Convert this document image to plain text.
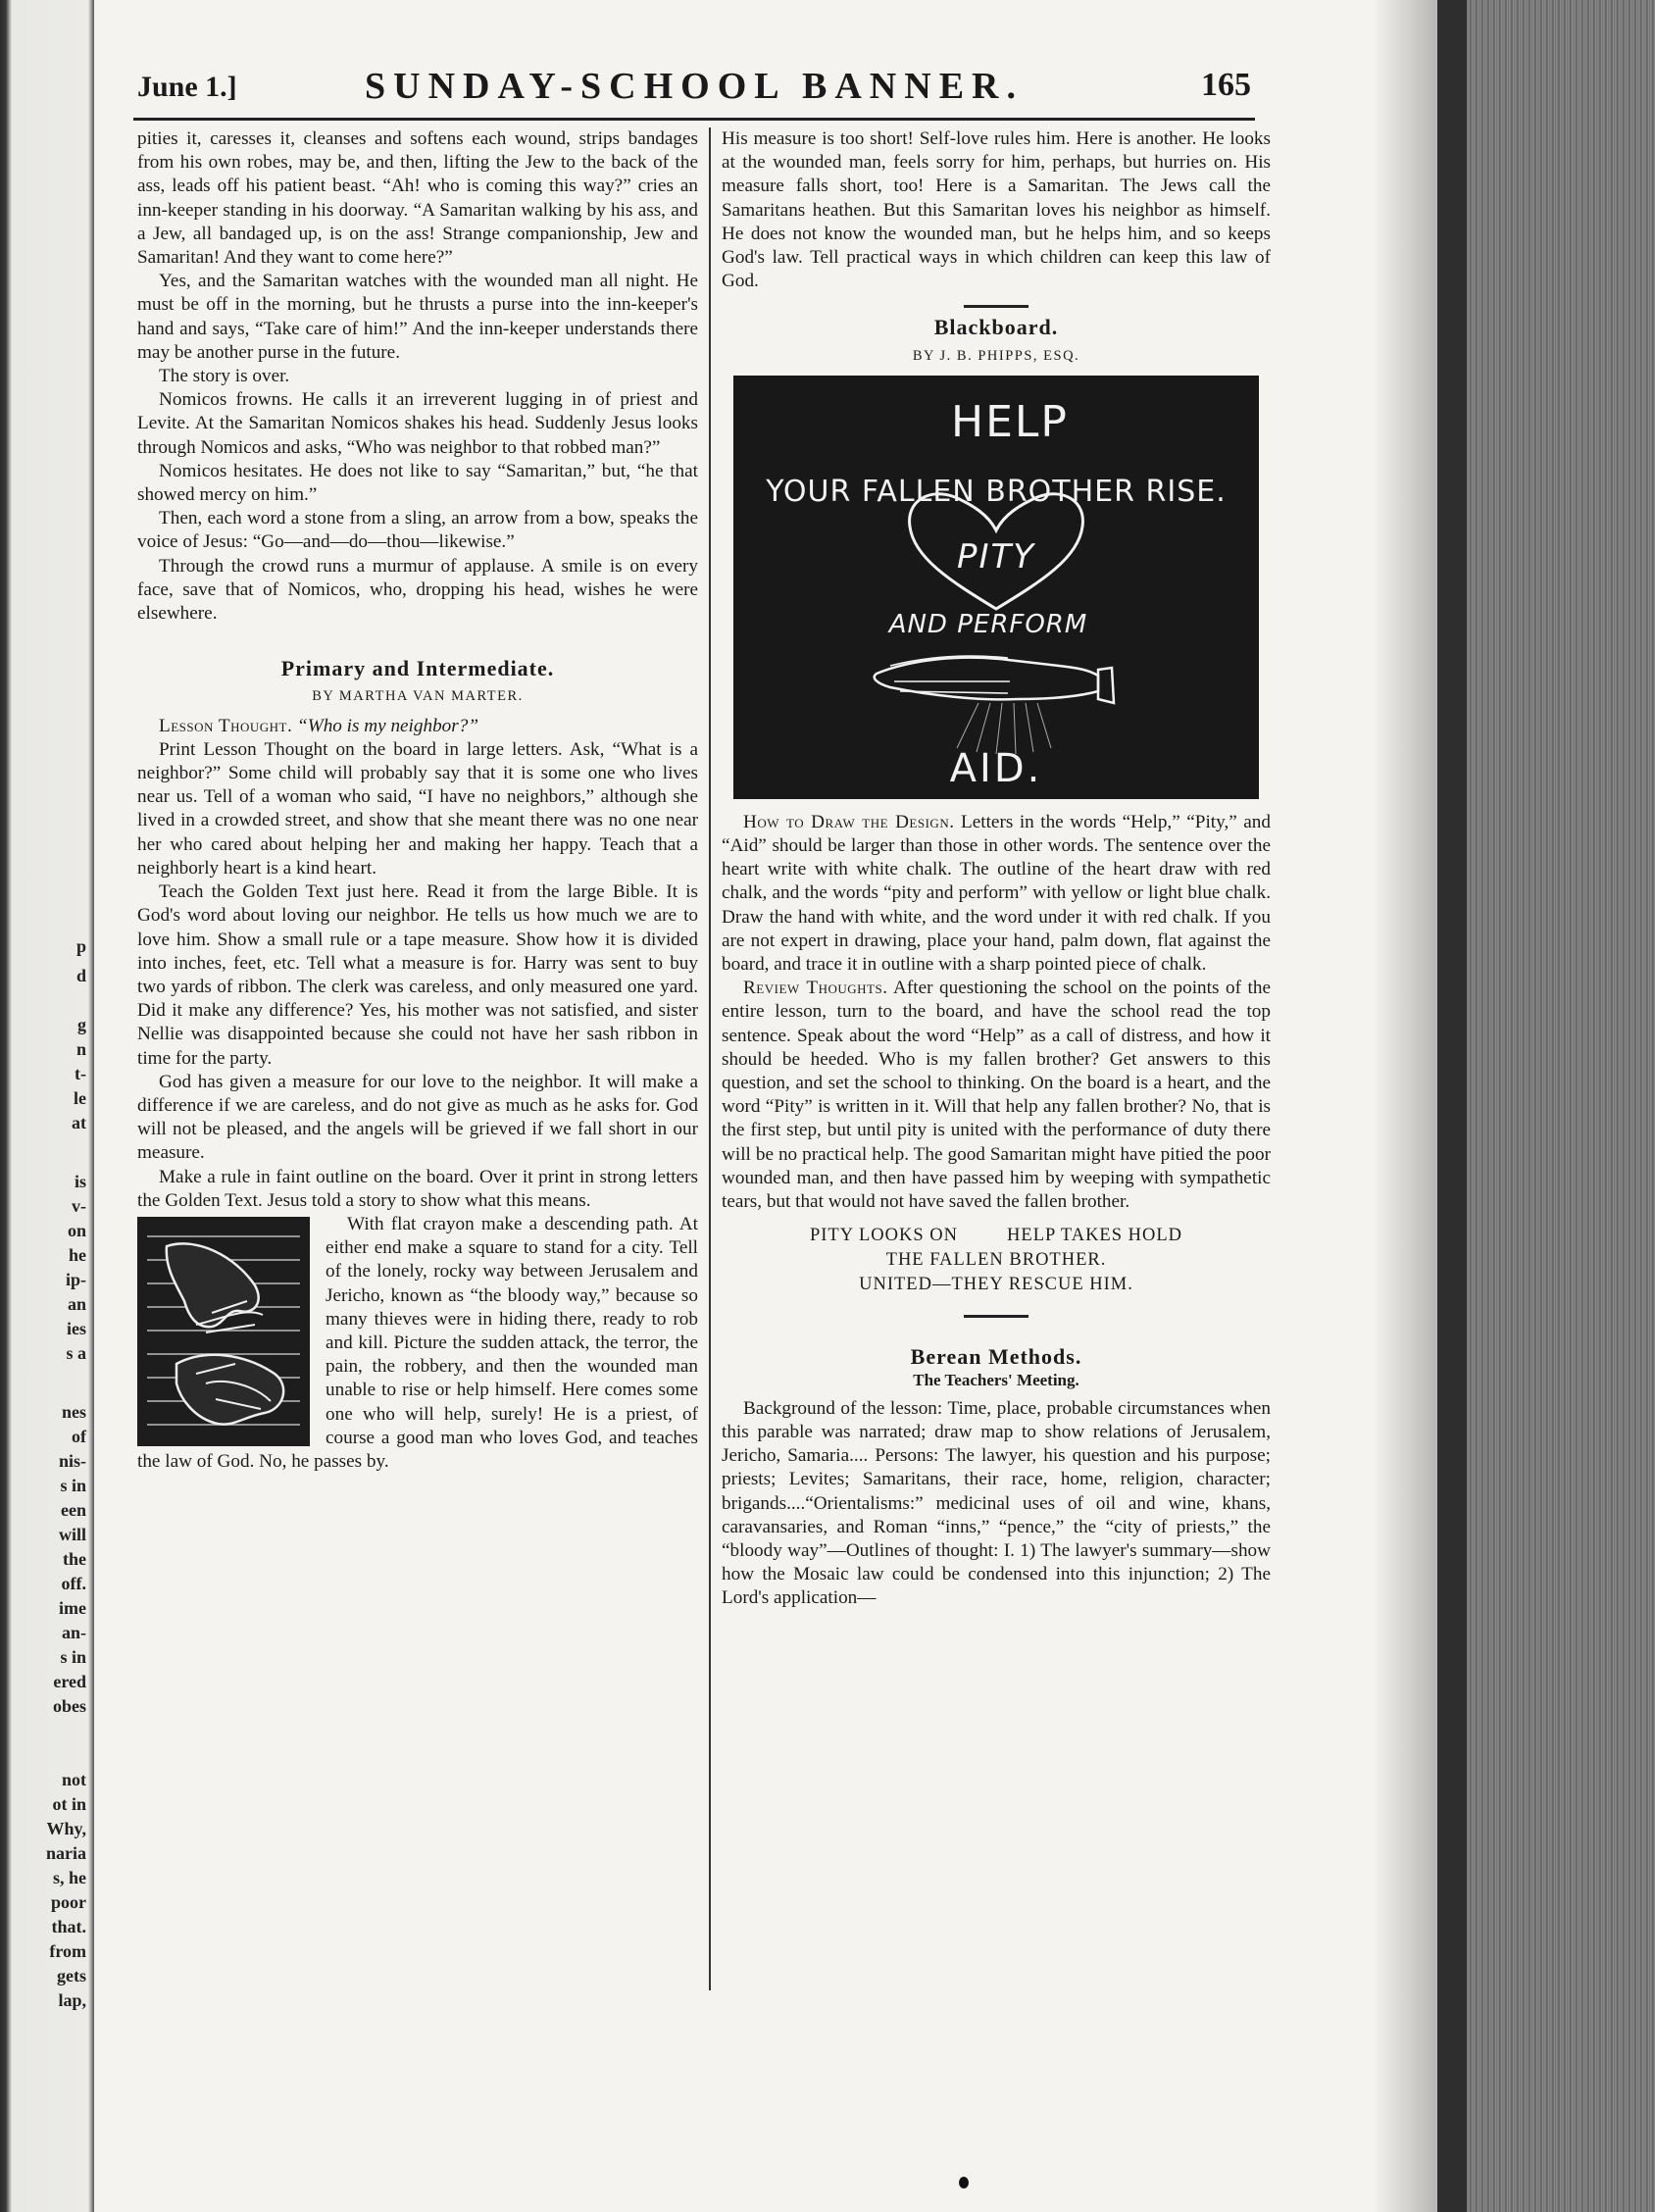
p
d
g
n
t-
le
at
is
v-
on
he
ip-
an
ies
s a
nes
of
nis-
s in
een
will
the
off.
ime
an-
s in
ered
obes
not
ot in
Why,
naria
s, he
poor
that.
from
gets
lap,
June 1.]	SUNDAY-SCHOOL BANNER.	165

pities it, caresses it, cleanses and softens each wound, strips bandages from his own robes, may be, and then, lifting the Jew to the back of the ass, leads off his patient beast. “Ah! who is coming this way?” cries an inn-keeper standing in his doorway. “A Samaritan walking by his ass, and a Jew, all bandaged up, is on the ass! Strange companionship, Jew and Samaritan! And they want to come here?”

Yes, and the Samaritan watches with the wounded man all night. He must be off in the morning, but he thrusts a purse into the inn-keeper's hand and says, “Take care of him!” And the inn-keeper understands there may be another purse in the future.

The story is over.

Nomicos frowns. He calls it an irreverent lugging in of priest and Levite. At the Samaritan Nomicos shakes his head. Suddenly Jesus looks through Nomicos and asks, “Who was neighbor to that robbed man?”

Nomicos hesitates. He does not like to say “Samaritan,” but, “he that showed mercy on him.”

Then, each word a stone from a sling, an arrow from a bow, speaks the voice of Jesus: “Go—and—do—thou—likewise.”

Through the crowd runs a murmur of applause. A smile is on every face, save that of Nomicos, who, dropping his head, wishes he were elsewhere.

Primary and Intermediate.
BY MARTHA VAN MARTER.

Lesson Thought. “Who is my neighbor?”

Print Lesson Thought on the board in large letters. Ask, “What is a neighbor?” Some child will probably say that it is some one who lives near us. Tell of a woman who said, “I have no neighbors,” although she lived in a crowded street, and show that she meant there was no one near her who cared about helping her and making her happy. Teach that a neighborly heart is a kind heart.

Teach the Golden Text just here. Read it from the large Bible. It is God's word about loving our neighbor. He tells us how much we are to love him. Show a small rule or a tape measure. Show how it is divided into inches, feet, etc. Tell what a measure is for. Harry was sent to buy two yards of ribbon. The clerk was careless, and only measured one yard. Did it make any difference? Yes, his mother was not satisfied, and sister Nellie was disappointed because she could not have her sash ribbon in time for the party.

God has given a measure for our love to the neighbor. It will make a difference if we are careless, and do not give as much as he asks for. God will not be pleased, and the angels will be grieved if we fall short in our measure.

Make a rule in faint outline on the board. Over it print in strong letters the Golden Text. Jesus told a story to show what this means.

With flat crayon make a descending path. At either end make a square to stand for a city. Tell of the lonely, rocky way between Jerusalem and Jericho, known as “the bloody way,” because so many thieves were in hiding there, ready to rob and kill. Picture the sudden attack, the terror, the pain, the robbery, and then the wounded man unable to rise or help himself. Here comes some one who will help, surely! He is a priest, of course a good man who loves God, and teaches the law of God. No, he passes by.

His measure is too short! Self-love rules him. Here is another. He looks at the wounded man, feels sorry for him, perhaps, but hurries on. His measure falls short, too! Here is a Samaritan. The Jews call the Samaritans heathen. But this Samaritan loves his neighbor as himself. He does not know the wounded man, but he helps him, and so keeps God's law. Tell practical ways in which children can keep this law of God.

Blackboard.
BY J. B. PHIPPS, ESQ.
HELP
YOUR FALLEN BROTHER RISE.
PITY
AND PERFORM
AID.

How to Draw the Design. Letters in the words “Help,” “Pity,” and “Aid” should be larger than those in other words. The sentence over the heart write with white chalk. The outline of the heart draw with red chalk, and the words “pity and perform” with yellow or light blue chalk. Draw the hand with white, and the word under it with red chalk. If you are not expert in drawing, place your hand, palm down, flat against the board, and trace it in outline with a sharp pointed piece of chalk.

Review Thoughts. After questioning the school on the points of the entire lesson, turn to the board, and have the school read the top sentence. Speak about the word “Help” as a call of distress, and how it should be heeded. Who is my fallen brother? Get answers to this question, and set the school to thinking. On the board is a heart, and the word “Pity” is written in it. Will that help any fallen brother? No, that is the first step, but until pity is united with the performance of duty there will be no practical help. The good Samaritan might have pitied the poor wounded man, and then have passed him by weeping with sympathetic tears, but that would not have saved the fallen brother.

PITY LOOKS ON	HELP TAKES HOLD
THE FALLEN BROTHER.
UNITED—THEY RESCUE HIM.
Berean Methods.
The Teachers' Meeting.

Background of the lesson: Time, place, probable circumstances when this parable was narrated; draw map to show relations of Jerusalem, Jericho, Samaria.... Persons: The lawyer, his question and his purpose; priests; Levites; Samaritans, their race, home, religion, character; brigands....“Orientalisms:” medicinal uses of oil and wine, khans, caravansaries, and Roman “inns,” “pence,” the “city of priests,” the “bloody way”—Outlines of thought: I. 1) The lawyer's summary—show how the Mosaic law could be condensed into this injunction; 2) The Lord's application—
